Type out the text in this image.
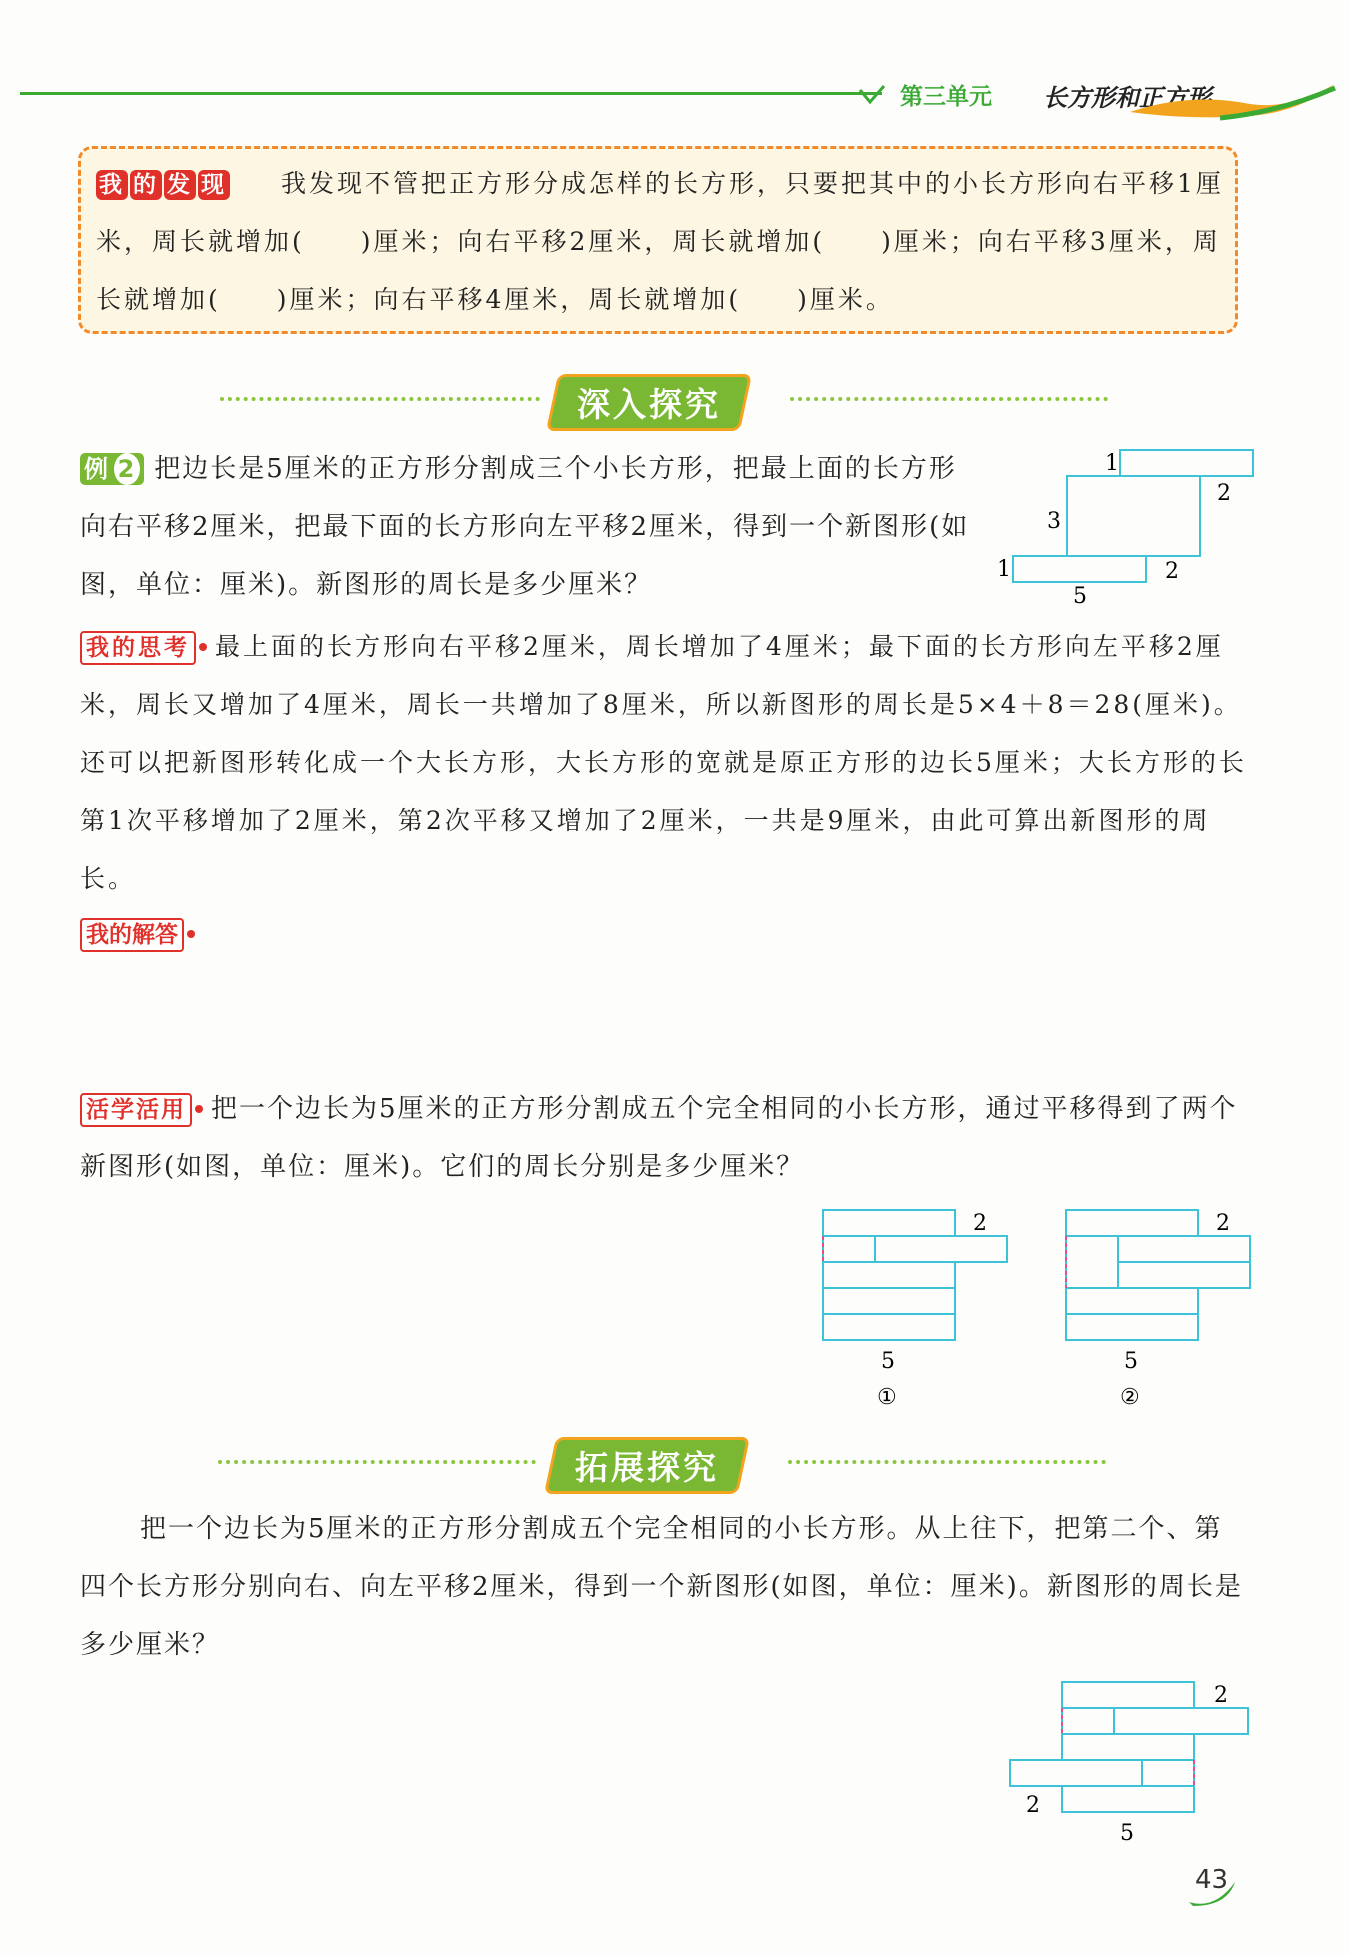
第三单元 长方形和正方形
我 的 发 现 我发现不管把正方形分成怎样的长方形，只要把其中的小长方形向右平移1厘米，周长就增加(　　)厘米；向右平移2厘米，周长就增加(　　)厘米；向右平移3厘米，周长就增加(　　)厘米；向右平移4厘米，周长就增加(　　)厘米。
深入探究
例 2 把边长是5厘米的正方形分割成三个小长方形，把最上面的长方形向右平移2厘米，把最下面的长方形向左平移2厘米，得到一个新图形(如图，单位：厘米)。新图形的周长是多少厘米？
1
2
3
1	2
5
我的思考 最上面的长方形向右平移2厘米，周长增加了4厘米；最下面的长方形向左平移2厘米，周长又增加了4厘米，周长一共增加了8厘米，所以新图形的周长是5×4＋8＝28(厘米)。还可以把新图形转化成一个大长方形，大长方形的宽就是原正方形的边长5厘米；大长方形的长第1次平移增加了2厘米，第2次平移又增加了2厘米，一共是9厘米，由此可算出新图形的周长。
我的解答
活学活用 把一个边长为5厘米的正方形分割成五个完全相同的小长方形，通过平移得到了两个新图形(如图，单位：厘米)。它们的周长分别是多少厘米？
2
5
①
2
5
②
拓展探究
把一个边长为5厘米的正方形分割成五个完全相同的小长方形。从上往下，把第二个、第四个长方形分别向右、向左平移2厘米，得到一个新图形(如图，单位：厘米)。新图形的周长是多少厘米？
2
2
5
43
